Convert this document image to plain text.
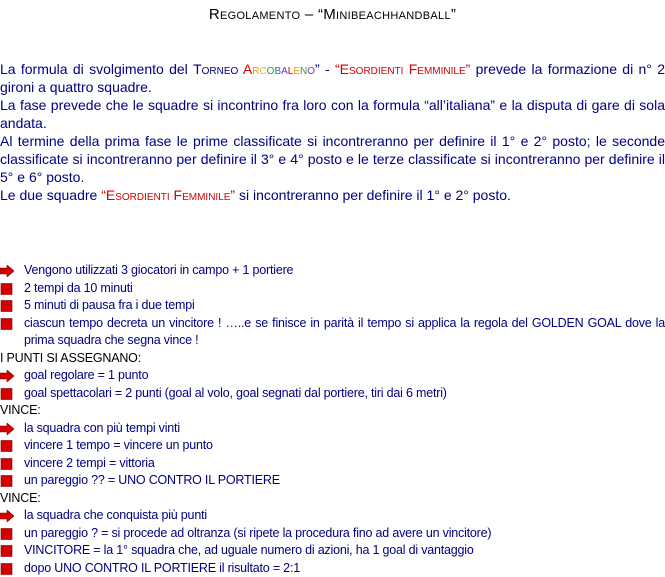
Regolamento – “Minibeachhandball”

La formula di svolgimento del Torneo Arcobaleno” - “Esordienti Femminile” prevede la formazione di n° 2 gironi a quattro squadre.

La fase prevede che le squadre si incontrino fra loro con la formula “all’italiana” e la disputa di gare di sola andata.

Al termine della prima fase le prime classificate si incontreranno per definire il 1° e 2° posto; le seconde classificate si incontreranno per definire il 3° e 4° posto e le terze classificate si incontreranno per definire il 5° e 6° posto.

Le due squadre “Esordienti Femminile” si incontreranno per definire il 1° e 2° posto.

Vengono utilizzati 3 giocatori in campo + 1 portiere
2 tempi da 10 minuti
5 minuti di pausa fra i due tempi
ciascun tempo decreta un vincitore ! …..e se finisce in parità il tempo si applica la regola del GOLDEN GOAL dove la prima squadra che segna vince !
I PUNTI SI ASSEGNANO:
goal regolare = 1 punto
goal spettacolari = 2 punti (goal al volo, goal segnati dal portiere, tiri dai 6 metri)
VINCE:
la squadra con più tempi vinti
vincere 1 tempo = vincere un punto
vincere 2 tempi = vittoria
un pareggio ?? = UNO CONTRO IL PORTIERE
VINCE:
la squadra che conquista più punti
un pareggio ? = si procede ad oltranza (si ripete la procedura fino ad avere un vincitore)
VINCITORE = la 1° squadra che, ad uguale numero di azioni, ha 1 goal di vantaggio
dopo UNO CONTRO IL PORTIERE il risultato = 2:1
